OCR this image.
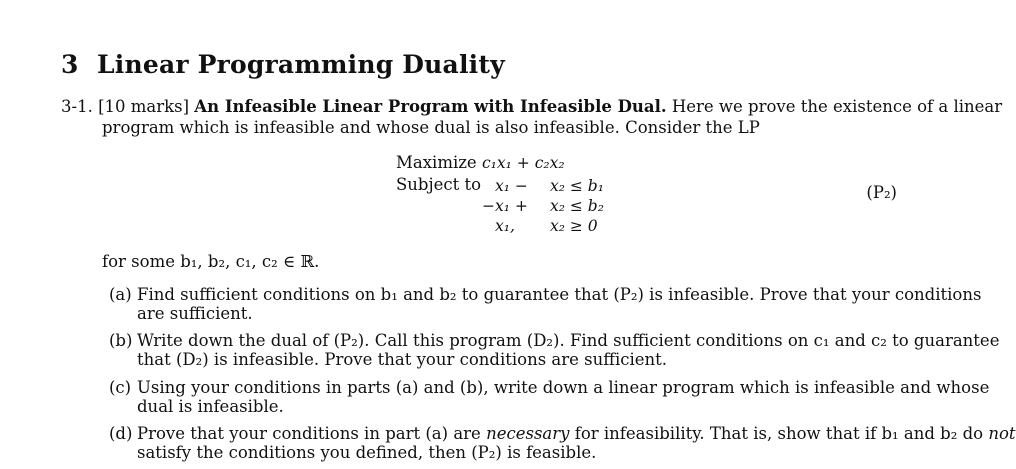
3 Linear Programming Duality
3-1. [10 marks] An Infeasible Linear Program with Infeasible Dual. Here we prove the existence of a linear
program which is infeasible and whose dual is also infeasible. Consider the LP
Maximize
Subject to
c₁x₁ + c₂x₂
x₁ − x₂ ≤ b₁
−x₁ + x₂ ≤ b₂
x₁, x₂ ≥ 0
(P₂)
for some b₁, b₂, c₁, c₂ ∈ ℝ.
(a) Find sufficient conditions on b₁ and b₂ to guarantee that (P₂) is infeasible. Prove that your conditions
are sufficient.
(b) Write down the dual of (P₂). Call this program (D₂). Find sufficient conditions on c₁ and c₂ to guarantee
that (D₂) is infeasible. Prove that your conditions are sufficient.
(c) Using your conditions in parts (a) and (b), write down a linear program which is infeasible and whose
dual is infeasible.
(d) Prove that your conditions in part (a) are necessary for infeasibility. That is, show that if b₁ and b₂ do not
satisfy the conditions you defined, then (P₂) is feasible.
